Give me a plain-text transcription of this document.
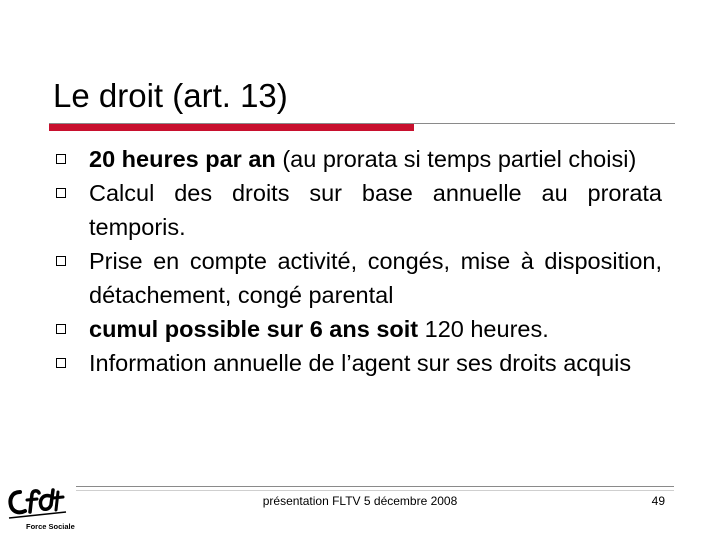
Le droit (art. 13)
20 heures par an (au prorata si temps partiel choisi)
Calcul des droits sur base annuelle au prorata temporis.
Prise en compte activité, congés, mise à disposition, détachement, congé parental
cumul possible sur 6 ans soit 120 heures.
Information annuelle de l’agent sur ses droits acquis
Force Sociale
présentation FLTV 5 décembre 2008	49
